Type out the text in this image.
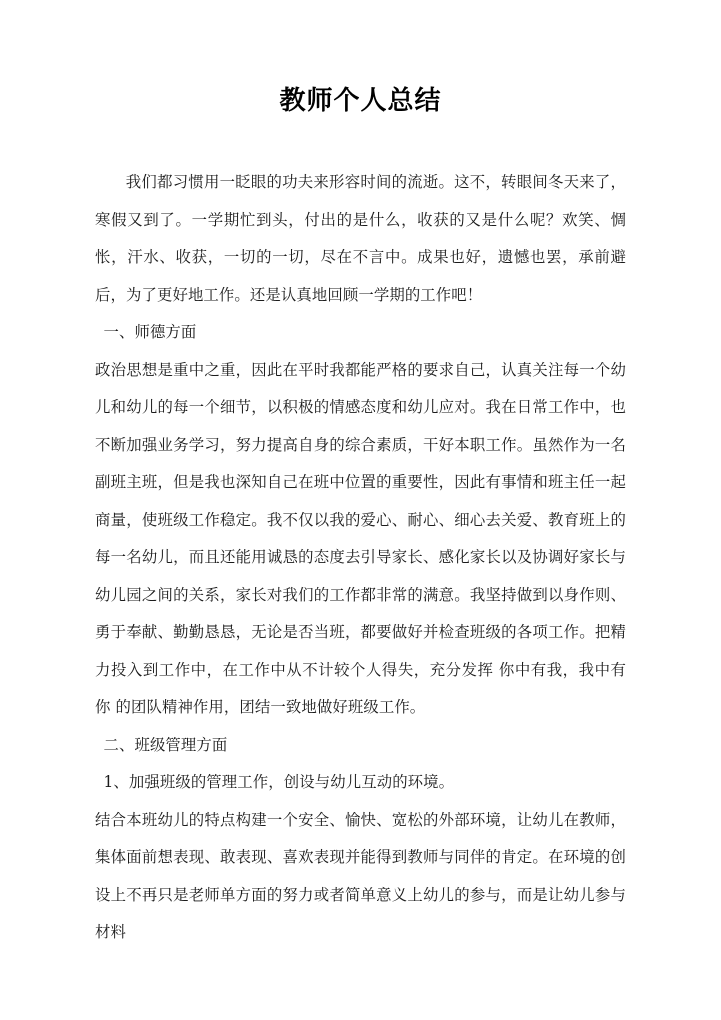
教师个人总结

我们都习惯用一眨眼的功夫来形容时间的流逝。这不，转眼间冬天来了，寒假又到了。一学期忙到头，付出的是什么，收获的又是什么呢？欢笑、惆怅，汗水、收获，一切的一切，尽在不言中。成果也好，遗憾也罢，承前避后，为了更好地工作。还是认真地回顾一学期的工作吧！

一、师德方面

政治思想是重中之重，因此在平时我都能严格的要求自己，认真关注每一个幼儿和幼儿的每一个细节，以积极的情感态度和幼儿应对。我在日常工作中，也不断加强业务学习，努力提高自身的综合素质，干好本职工作。虽然作为一名副班主班，但是我也深知自己在班中位置的重要性，因此有事情和班主任一起商量，使班级工作稳定。我不仅以我的爱心、耐心、细心去关爱、教育班上的每一名幼儿，而且还能用诚恳的态度去引导家长、感化家长以及协调好家长与幼儿园之间的关系，家长对我们的工作都非常的满意。我坚持做到以身作则、勇于奉献、勤勤恳恳，无论是否当班，都要做好并检查班级的各项工作。把精力投入到工作中，在工作中从不计较个人得失，充分发挥 你中有我，我中有你 的团队精神作用，团结一致地做好班级工作。

二、班级管理方面

1、加强班级的管理工作，创设与幼儿互动的环境。

结合本班幼儿的特点构建一个安全、愉快、宽松的外部环境，让幼儿在教师，集体面前想表现、敢表现、喜欢表现并能得到教师与同伴的肯定。在环境的创设上不再只是老师单方面的努力或者简单意义上幼儿的参与，而是让幼儿参与材料
